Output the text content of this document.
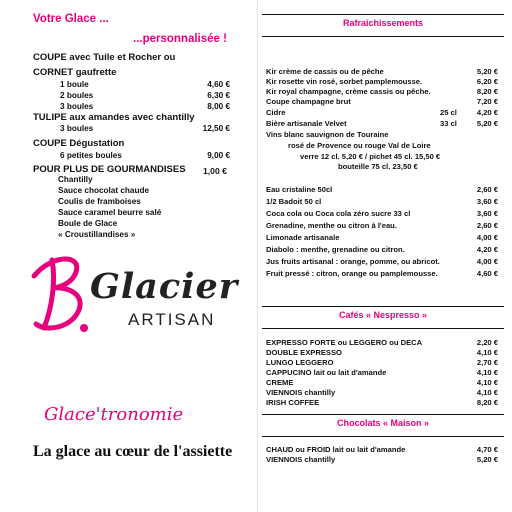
Votre Glace ...
...personnalisée !
COUPE avec Tuile et Rocher ou
CORNET gaufrette
1 boule	4,60 €
2 boules	6,30 €
3 boules	8,00 €
TULIPE aux amandes avec chantilly
3 boules	12,50 €
COUPE Dégustation
6 petites boules	9,00 €
POUR PLUS DE GOURMANDISES 1,00 €
Chantilly
Sauce chocolat chaude
Coulis de framboises
Sauce caramel beurre salé
Boule de Glace
« Croustillandises »
Glacier
ARTISAN
Glace'tronomie
La glace au cœur de l'assiette
Rafraichissements
Kir crème de cassis ou de pêche	5,20 €
Kir rosette vin rosé, sorbet pamplemousse.	6,20 €
Kir royal champagne, crème cassis ou pêche.	8,20 €
Coupe champagne brut	7,20 €
Cidre	25 cl	4,20 €
Bière artisanale Velvet	33 cl	5,20 €
Vins blanc sauvignon de Touraine
rosé de Provence ou rouge Val de Loire
verre 12 cl. 5,20 € / pichet 45 cl. 15,50 €
bouteille 75 cl. 23,50 €
Eau cristaline 50cl	2,60 €
1/2 Badoit 50 cl	3,60 €
Coca cola ou Coca cola zéro sucre 33 cl	3,60 €
Grenadine, menthe ou citron à l'eau.	2,60 €
Limonade artisanale	4,00 €
Diabolo : menthe, grenadine ou citron.	4,20 €
Jus fruits artisanal : orange, pomme, ou abricot.	4,00 €
Fruit pressé : citron, orange ou pamplemousse.	4,60 €
Cafés « Nespresso »
EXPRESSO FORTE ou LEGGERO ou DECA	2,20 €
DOUBLE EXPRESSO	4,10 €
LUNGO LEGGERO	2,70 €
CAPPUCINO lait ou lait d'amande	4,10 €
CREME	4,10 €
VIENNOIS chantilly	4,10 €
IRISH COFFEE	8,20 €
Chocolats « Maison »
CHAUD ou FROID lait ou lait d'amande	4,70 €
VIENNOIS chantilly	5,20 €
